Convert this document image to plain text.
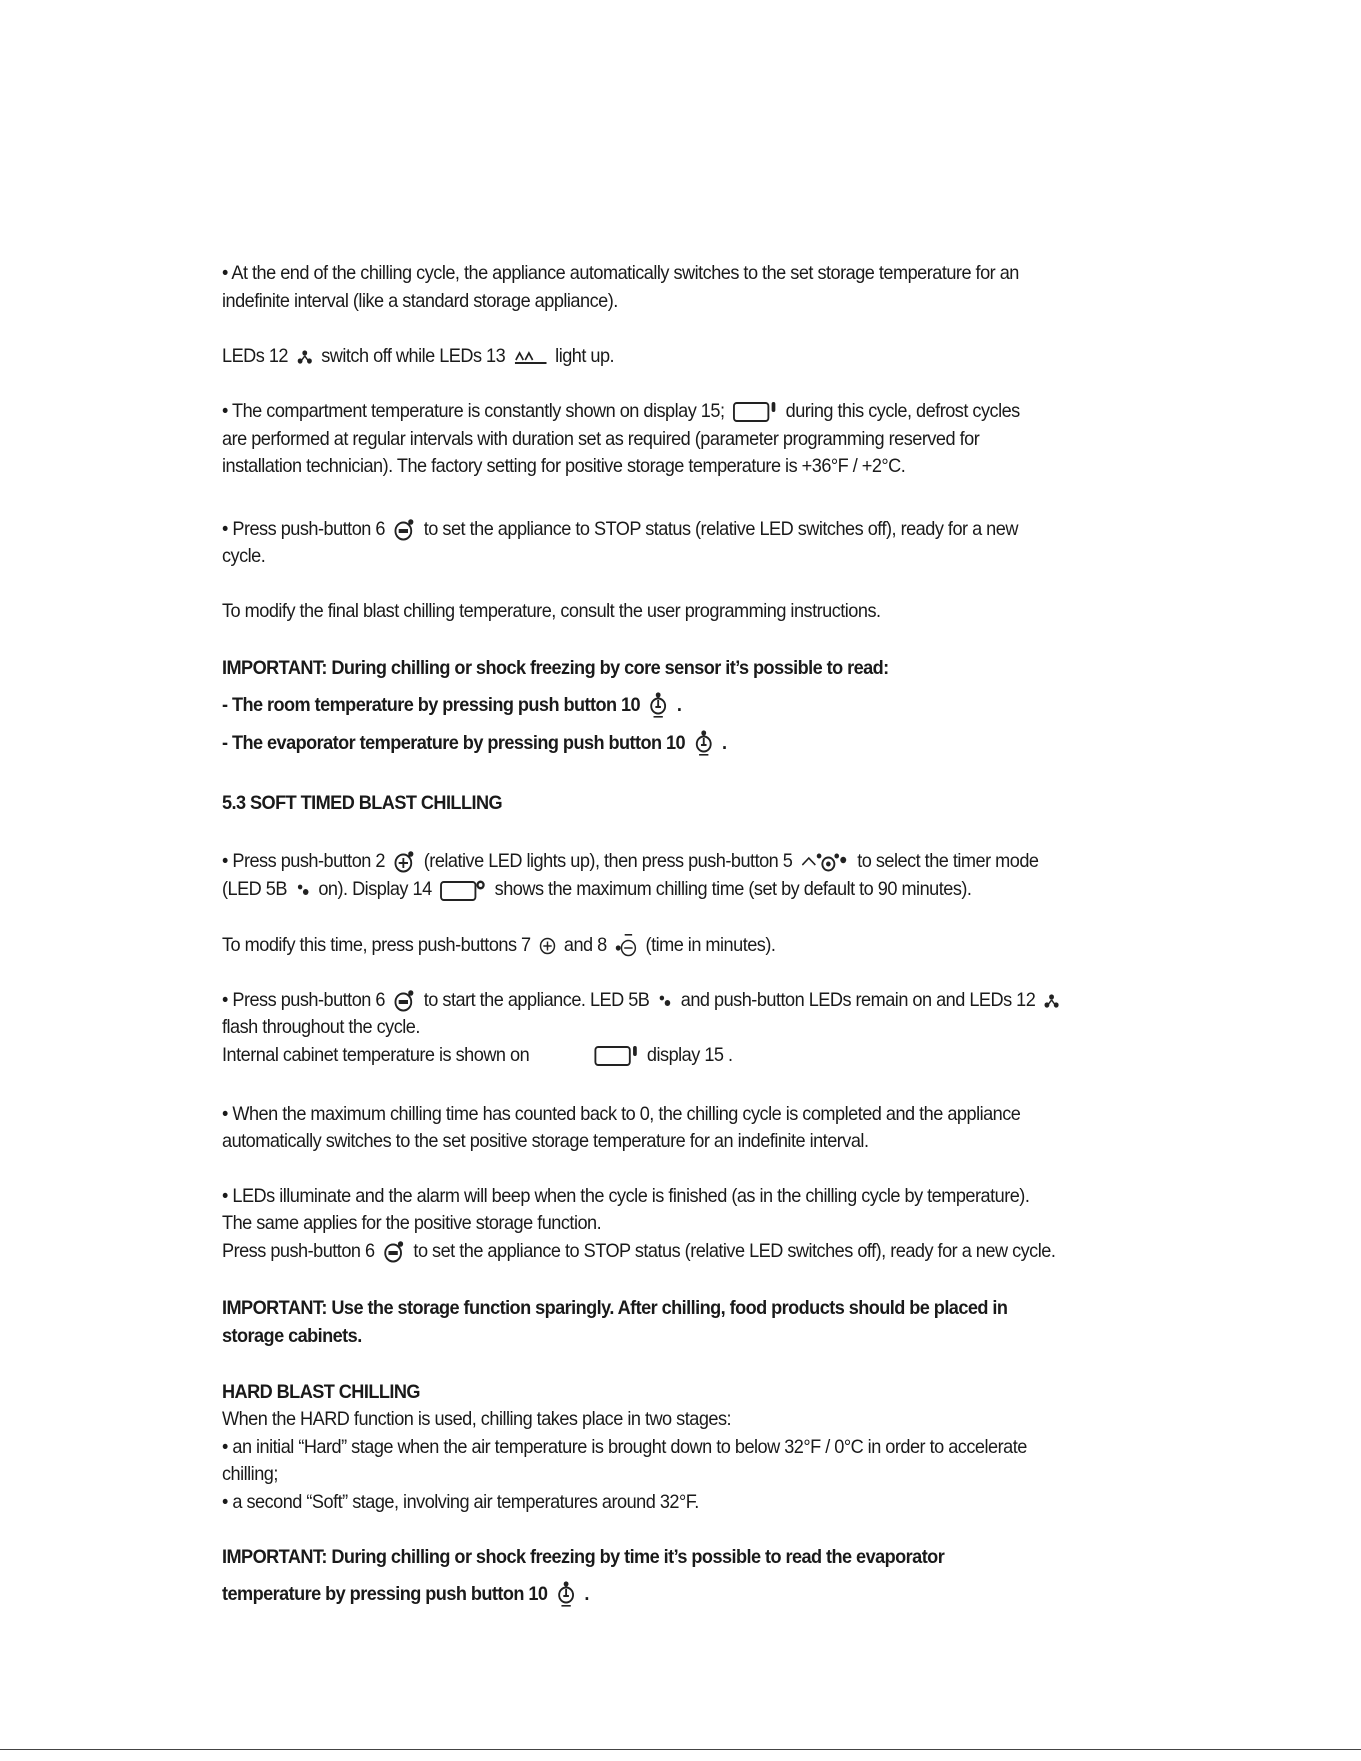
• At the end of the chilling cycle, the appliance automatically switches to the set storage temperature for an
indefinite interval (like a standard storage appliance).
LEDs 12 switch off while LEDs 13	light up.
• The compartment temperature is constantly shown on display 15;	during this cycle, defrost cycles
are performed at regular intervals with duration set as required (parameter programming reserved for
installation technician). The factory setting for positive storage temperature is +36°F / +2°C.
• Press push-button 6 to set the appliance to STOP status (relative LED switches off), ready for a new
cycle.
To modify the final blast chilling temperature, consult the user programming instructions.
IMPORTANT: During chilling or shock freezing by core sensor it’s possible to read:
- The room temperature by pressing push button 10 .
- The evaporator temperature by pressing push button 10 .
5.3 SOFT TIMED BLAST CHILLING
• Press push-button 2 (relative LED lights up), then press push-button 5	to select the timer mode
(LED 5B on). Display 14	shows the maximum chilling time (set by default to 90 minutes).
To modify this time, press push-buttons 7 and 8 (time in minutes).
• Press push-button 6 to start the appliance. LED 5B and push-button LEDs remain on and LEDs 12
flash throughout the cycle.
Internal cabinet temperature is shown on	display 15 .
• When the maximum chilling time has counted back to 0, the chilling cycle is completed and the appliance
automatically switches to the set positive storage temperature for an indefinite interval.
• LEDs illuminate and the alarm will beep when the cycle is finished (as in the chilling cycle by temperature).
The same applies for the positive storage function.
Press push-button 6 to set the appliance to STOP status (relative LED switches off), ready for a new cycle.
IMPORTANT: Use the storage function sparingly. After chilling, food products should be placed in
storage cabinets.
HARD BLAST CHILLING
When the HARD function is used, chilling takes place in two stages:
• an initial “Hard” stage when the air temperature is brought down to below 32°F / 0°C in order to accelerate
chilling;
• a second “Soft” stage, involving air temperatures around 32°F.
IMPORTANT: During chilling or shock freezing by time it’s possible to read the evaporator
temperature by pressing push button 10 .
